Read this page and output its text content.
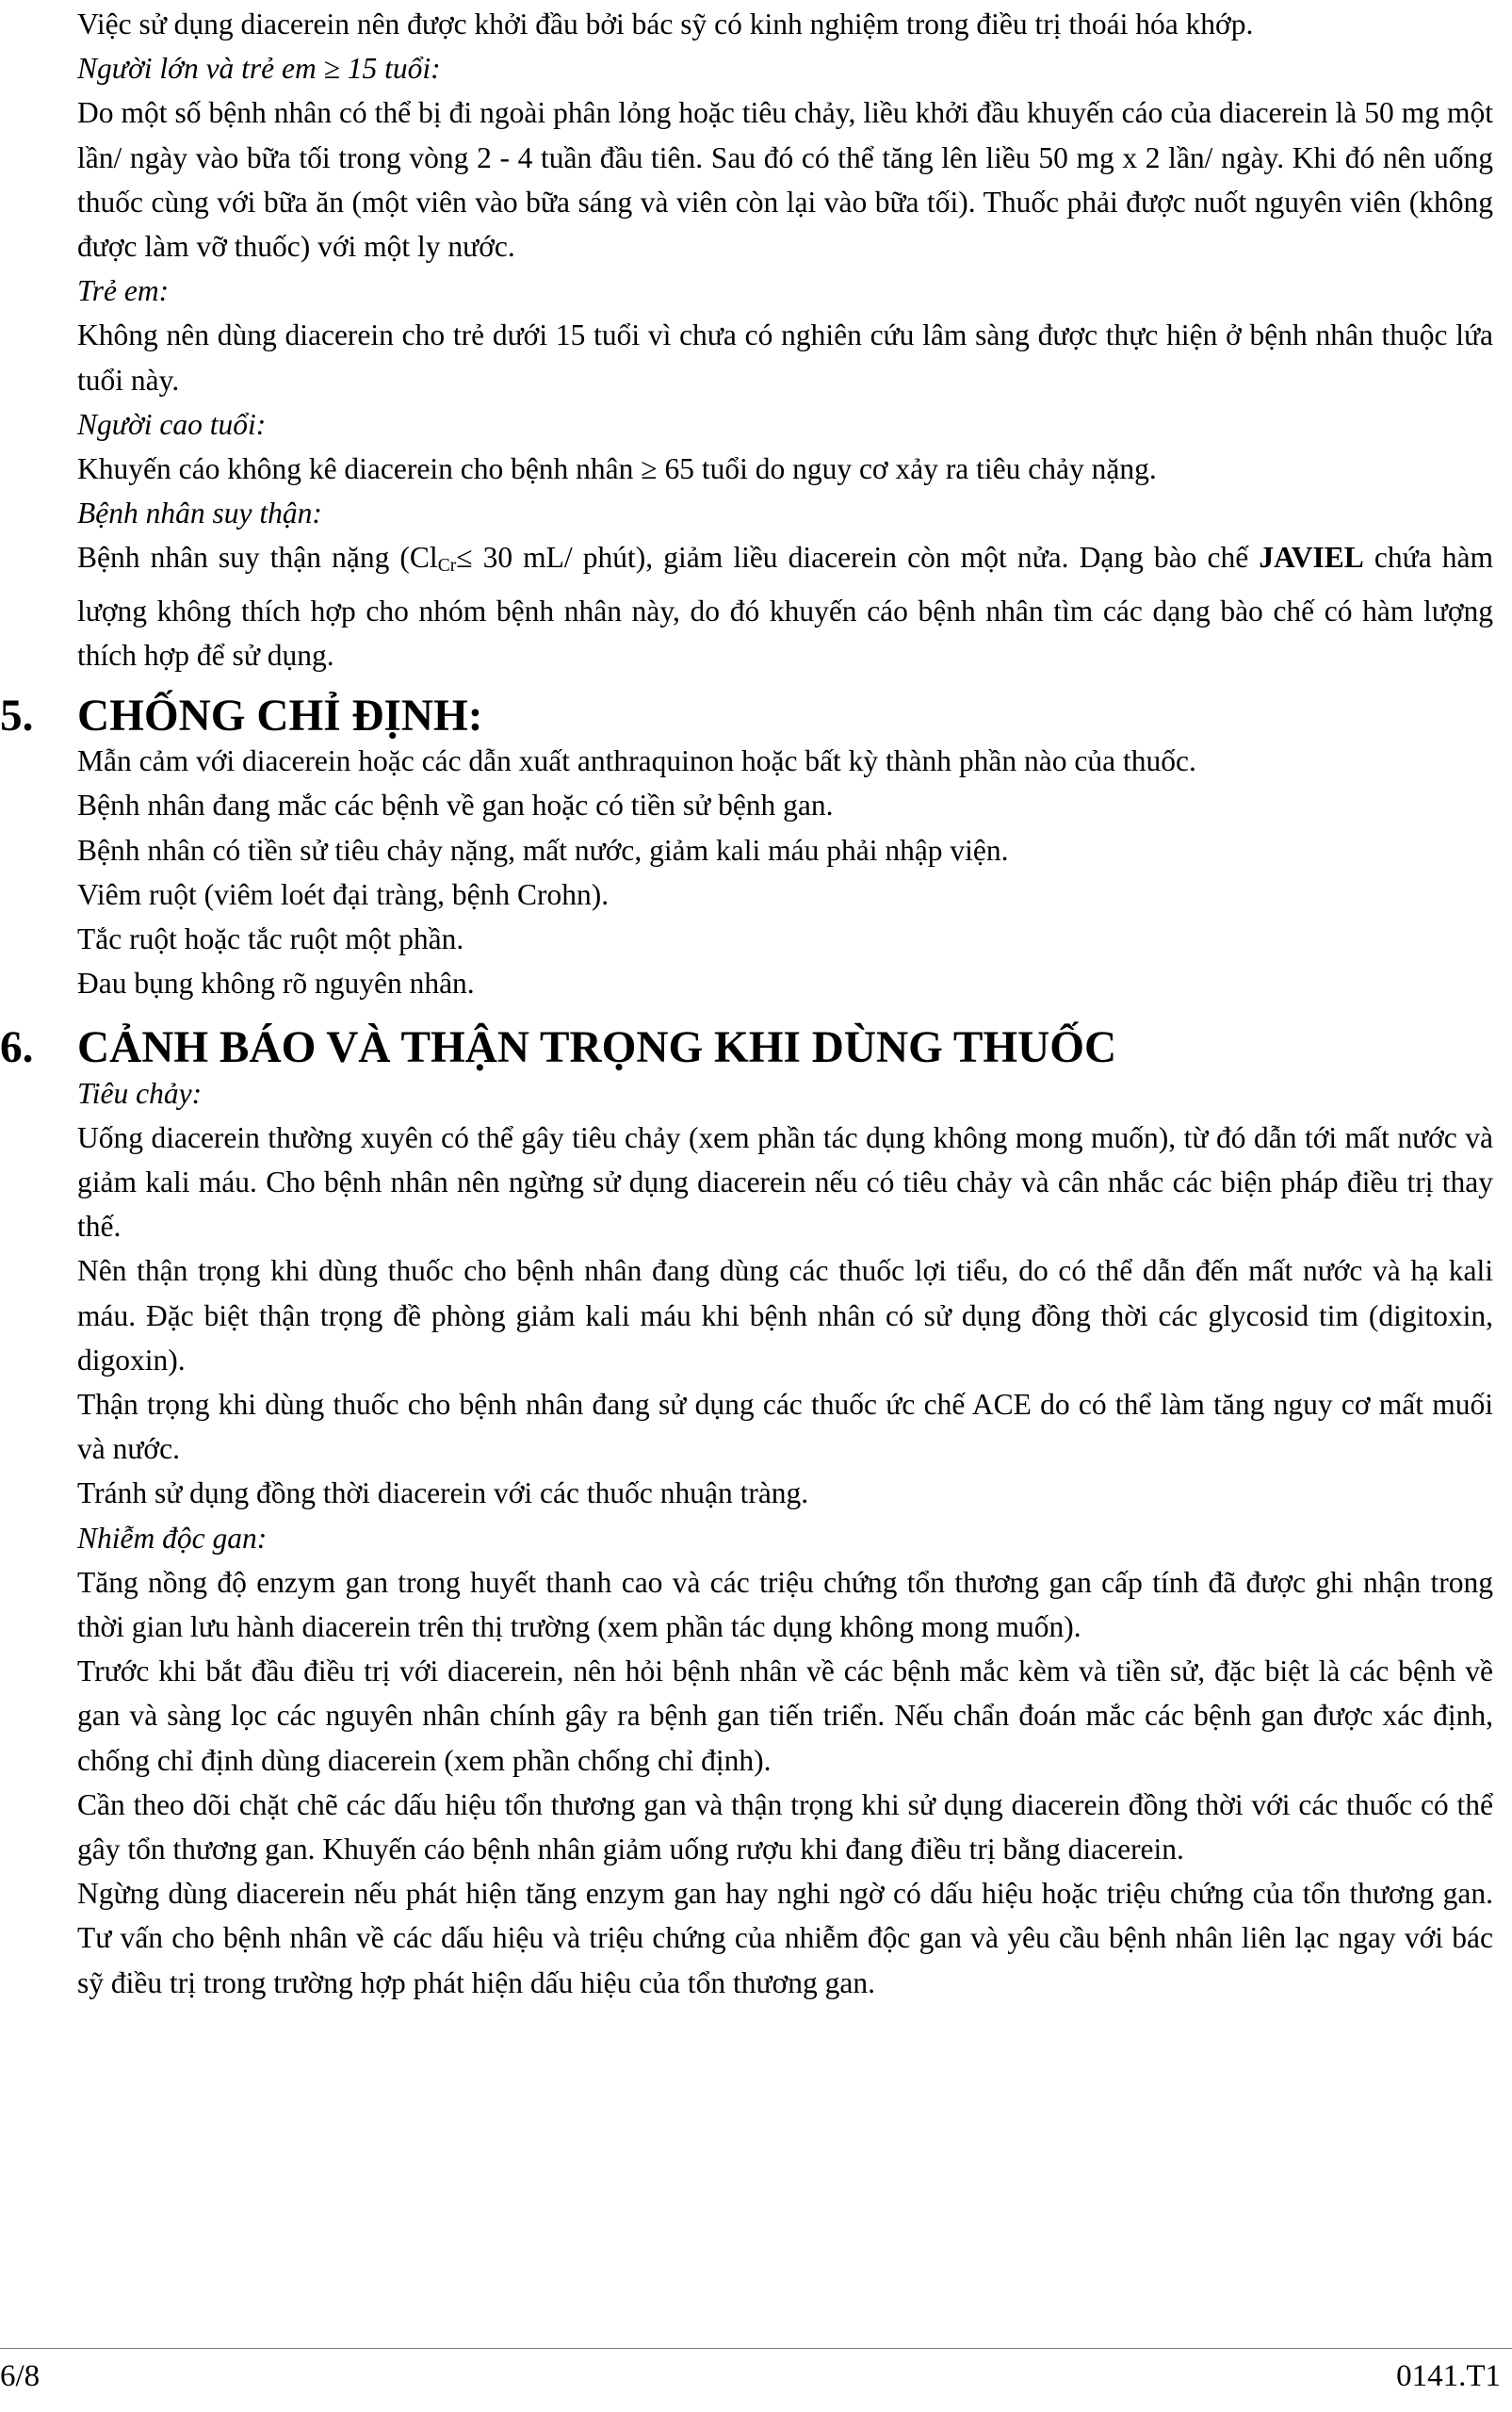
Việc sử dụng diacerein nên được khởi đầu bởi bác sỹ có kinh nghiệm trong điều trị thoái hóa khớp.

Người lớn và trẻ em ≥ 15 tuổi:

Do một số bệnh nhân có thể bị đi ngoài phân lỏng hoặc tiêu chảy, liều khởi đầu khuyến cáo của diacerein là 50 mg một lần/ ngày vào bữa tối trong vòng 2 - 4 tuần đầu tiên. Sau đó có thể tăng lên liều 50 mg x 2 lần/ ngày. Khi đó nên uống thuốc cùng với bữa ăn (một viên vào bữa sáng và viên còn lại vào bữa tối). Thuốc phải được nuốt nguyên viên (không được làm vỡ thuốc) với một ly nước.

Trẻ em:

Không nên dùng diacerein cho trẻ dưới 15 tuổi vì chưa có nghiên cứu lâm sàng được thực hiện ở bệnh nhân thuộc lứa tuổi này.

Người cao tuổi:

Khuyến cáo không kê diacerein cho bệnh nhân ≥ 65 tuổi do nguy cơ xảy ra tiêu chảy nặng.

Bệnh nhân suy thận:

Bệnh nhân suy thận nặng (ClCr≤ 30 mL/ phút), giảm liều diacerein còn một nửa. Dạng bào chế JAVIEL chứa hàm lượng không thích hợp cho nhóm bệnh nhân này, do đó khuyến cáo bệnh nhân tìm các dạng bào chế có hàm lượng thích hợp để sử dụng.

5. CHỐNG CHỈ ĐỊNH:

Mẫn cảm với diacerein hoặc các dẫn xuất anthraquinon hoặc bất kỳ thành phần nào của thuốc.

Bệnh nhân đang mắc các bệnh về gan hoặc có tiền sử bệnh gan.

Bệnh nhân có tiền sử tiêu chảy nặng, mất nước, giảm kali máu phải nhập viện.

Viêm ruột (viêm loét đại tràng, bệnh Crohn).

Tắc ruột hoặc tắc ruột một phần.

Đau bụng không rõ nguyên nhân.

6. CẢNH BÁO VÀ THẬN TRỌNG KHI DÙNG THUỐC

Tiêu chảy:

Uống diacerein thường xuyên có thể gây tiêu chảy (xem phần tác dụng không mong muốn), từ đó dẫn tới mất nước và giảm kali máu. Cho bệnh nhân nên ngừng sử dụng diacerein nếu có tiêu chảy và cân nhắc các biện pháp điều trị thay thế.

Nên thận trọng khi dùng thuốc cho bệnh nhân đang dùng các thuốc lợi tiểu, do có thể dẫn đến mất nước và hạ kali máu. Đặc biệt thận trọng đề phòng giảm kali máu khi bệnh nhân có sử dụng đồng thời các glycosid tim (digitoxin, digoxin).

Thận trọng khi dùng thuốc cho bệnh nhân đang sử dụng các thuốc ức chế ACE do có thể làm tăng nguy cơ mất muối và nước.

Tránh sử dụng đồng thời diacerein với các thuốc nhuận tràng.

Nhiễm độc gan:

Tăng nồng độ enzym gan trong huyết thanh cao và các triệu chứng tổn thương gan cấp tính đã được ghi nhận trong thời gian lưu hành diacerein trên thị trường (xem phần tác dụng không mong muốn).

Trước khi bắt đầu điều trị với diacerein, nên hỏi bệnh nhân về các bệnh mắc kèm và tiền sử, đặc biệt là các bệnh về gan và sàng lọc các nguyên nhân chính gây ra bệnh gan tiến triển. Nếu chẩn đoán mắc các bệnh gan được xác định, chống chỉ định dùng diacerein (xem phần chống chỉ định).

Cần theo dõi chặt chẽ các dấu hiệu tổn thương gan và thận trọng khi sử dụng diacerein đồng thời với các thuốc có thể gây tổn thương gan. Khuyến cáo bệnh nhân giảm uống rượu khi đang điều trị bằng diacerein.

Ngừng dùng diacerein nếu phát hiện tăng enzym gan hay nghi ngờ có dấu hiệu hoặc triệu chứng của tổn thương gan. Tư vấn cho bệnh nhân về các dấu hiệu và triệu chứng của nhiễm độc gan và yêu cầu bệnh nhân liên lạc ngay với bác sỹ điều trị trong trường hợp phát hiện dấu hiệu của tổn thương gan.

6/8	0141.T1
